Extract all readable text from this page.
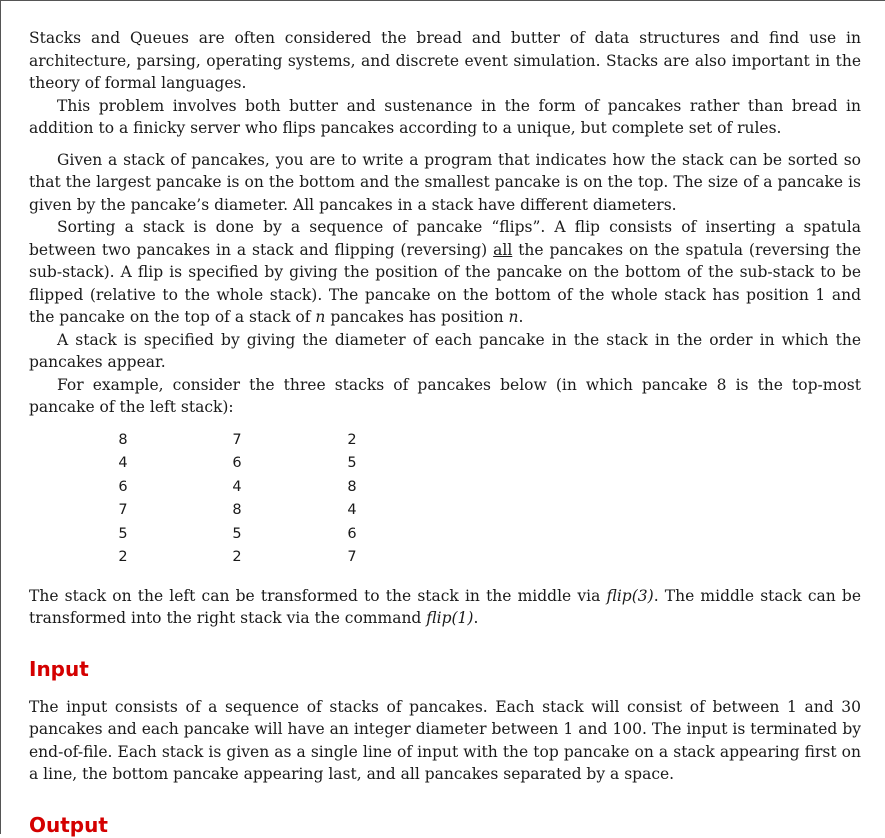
Stacks and Queues are often considered the bread and butter of data structures and find use in architecture, parsing, operating systems, and discrete event simulation. Stacks are also important in the theory of formal languages.

This problem involves both butter and sustenance in the form of pancakes rather than bread in addition to a finicky server who flips pancakes according to a unique, but complete set of rules.

Given a stack of pancakes, you are to write a program that indicates how the stack can be sorted so that the largest pancake is on the bottom and the smallest pancake is on the top. The size of a pancake is given by the pancake’s diameter. All pancakes in a stack have different diameters.

Sorting a stack is done by a sequence of pancake “flips”. A flip consists of inserting a spatula between two pancakes in a stack and flipping (reversing) all the pancakes on the spatula (reversing the sub-stack). A flip is specified by giving the position of the pancake on the bottom of the sub-stack to be flipped (relative to the whole stack). The pancake on the bottom of the whole stack has position 1 and the pancake on the top of a stack of n pancakes has position n.

A stack is specified by giving the diameter of each pancake in the stack in the order in which the pancakes appear.

For example, consider the three stacks of pancakes below (in which pancake 8 is the top-most pancake of the left stack):

8
4
6
7
5
2
7
6
4
8
5
2
2
5
8
4
6
7

The stack on the left can be transformed to the stack in the middle via flip(3). The middle stack can be transformed into the right stack via the command flip(1).

Input

The input consists of a sequence of stacks of pancakes. Each stack will consist of between 1 and 30 pancakes and each pancake will have an integer diameter between 1 and 100. The input is terminated by end-of-file. Each stack is given as a single line of input with the top pancake on a stack appearing first on a line, the bottom pancake appearing last, and all pancakes separated by a space.

Output
